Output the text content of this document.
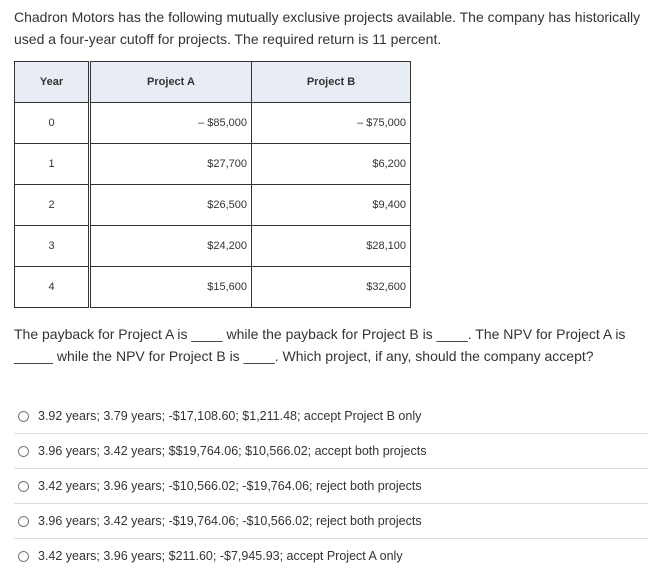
Chadron Motors has the following mutually exclusive projects available. The company has historically used a four-year cutoff for projects. The required return is 11 percent.
Year	Project A	Project B
0	– $85,000	– $75,000
1	$27,700	$6,200
2	$26,500	$9,400
3	$24,200	$28,100
4	$15,600	$32,600
The payback for Project A is ____ while the payback for Project B is ____. The NPV for Project A is _____ while the NPV for Project B is ____. Which project, if any, should the company accept?
3.92 years; 3.79 years; -$17,108.60; $1,211.48; accept Project B only
3.96 years; 3.42 years; $$19,764.06; $10,566.02; accept both projects
3.42 years; 3.96 years; -$10,566.02; -$19,764.06; reject both projects
3.96 years; 3.42 years; -$19,764.06; -$10,566.02; reject both projects
3.42 years; 3.96 years; $211.60; -$7,945.93; accept Project A only
